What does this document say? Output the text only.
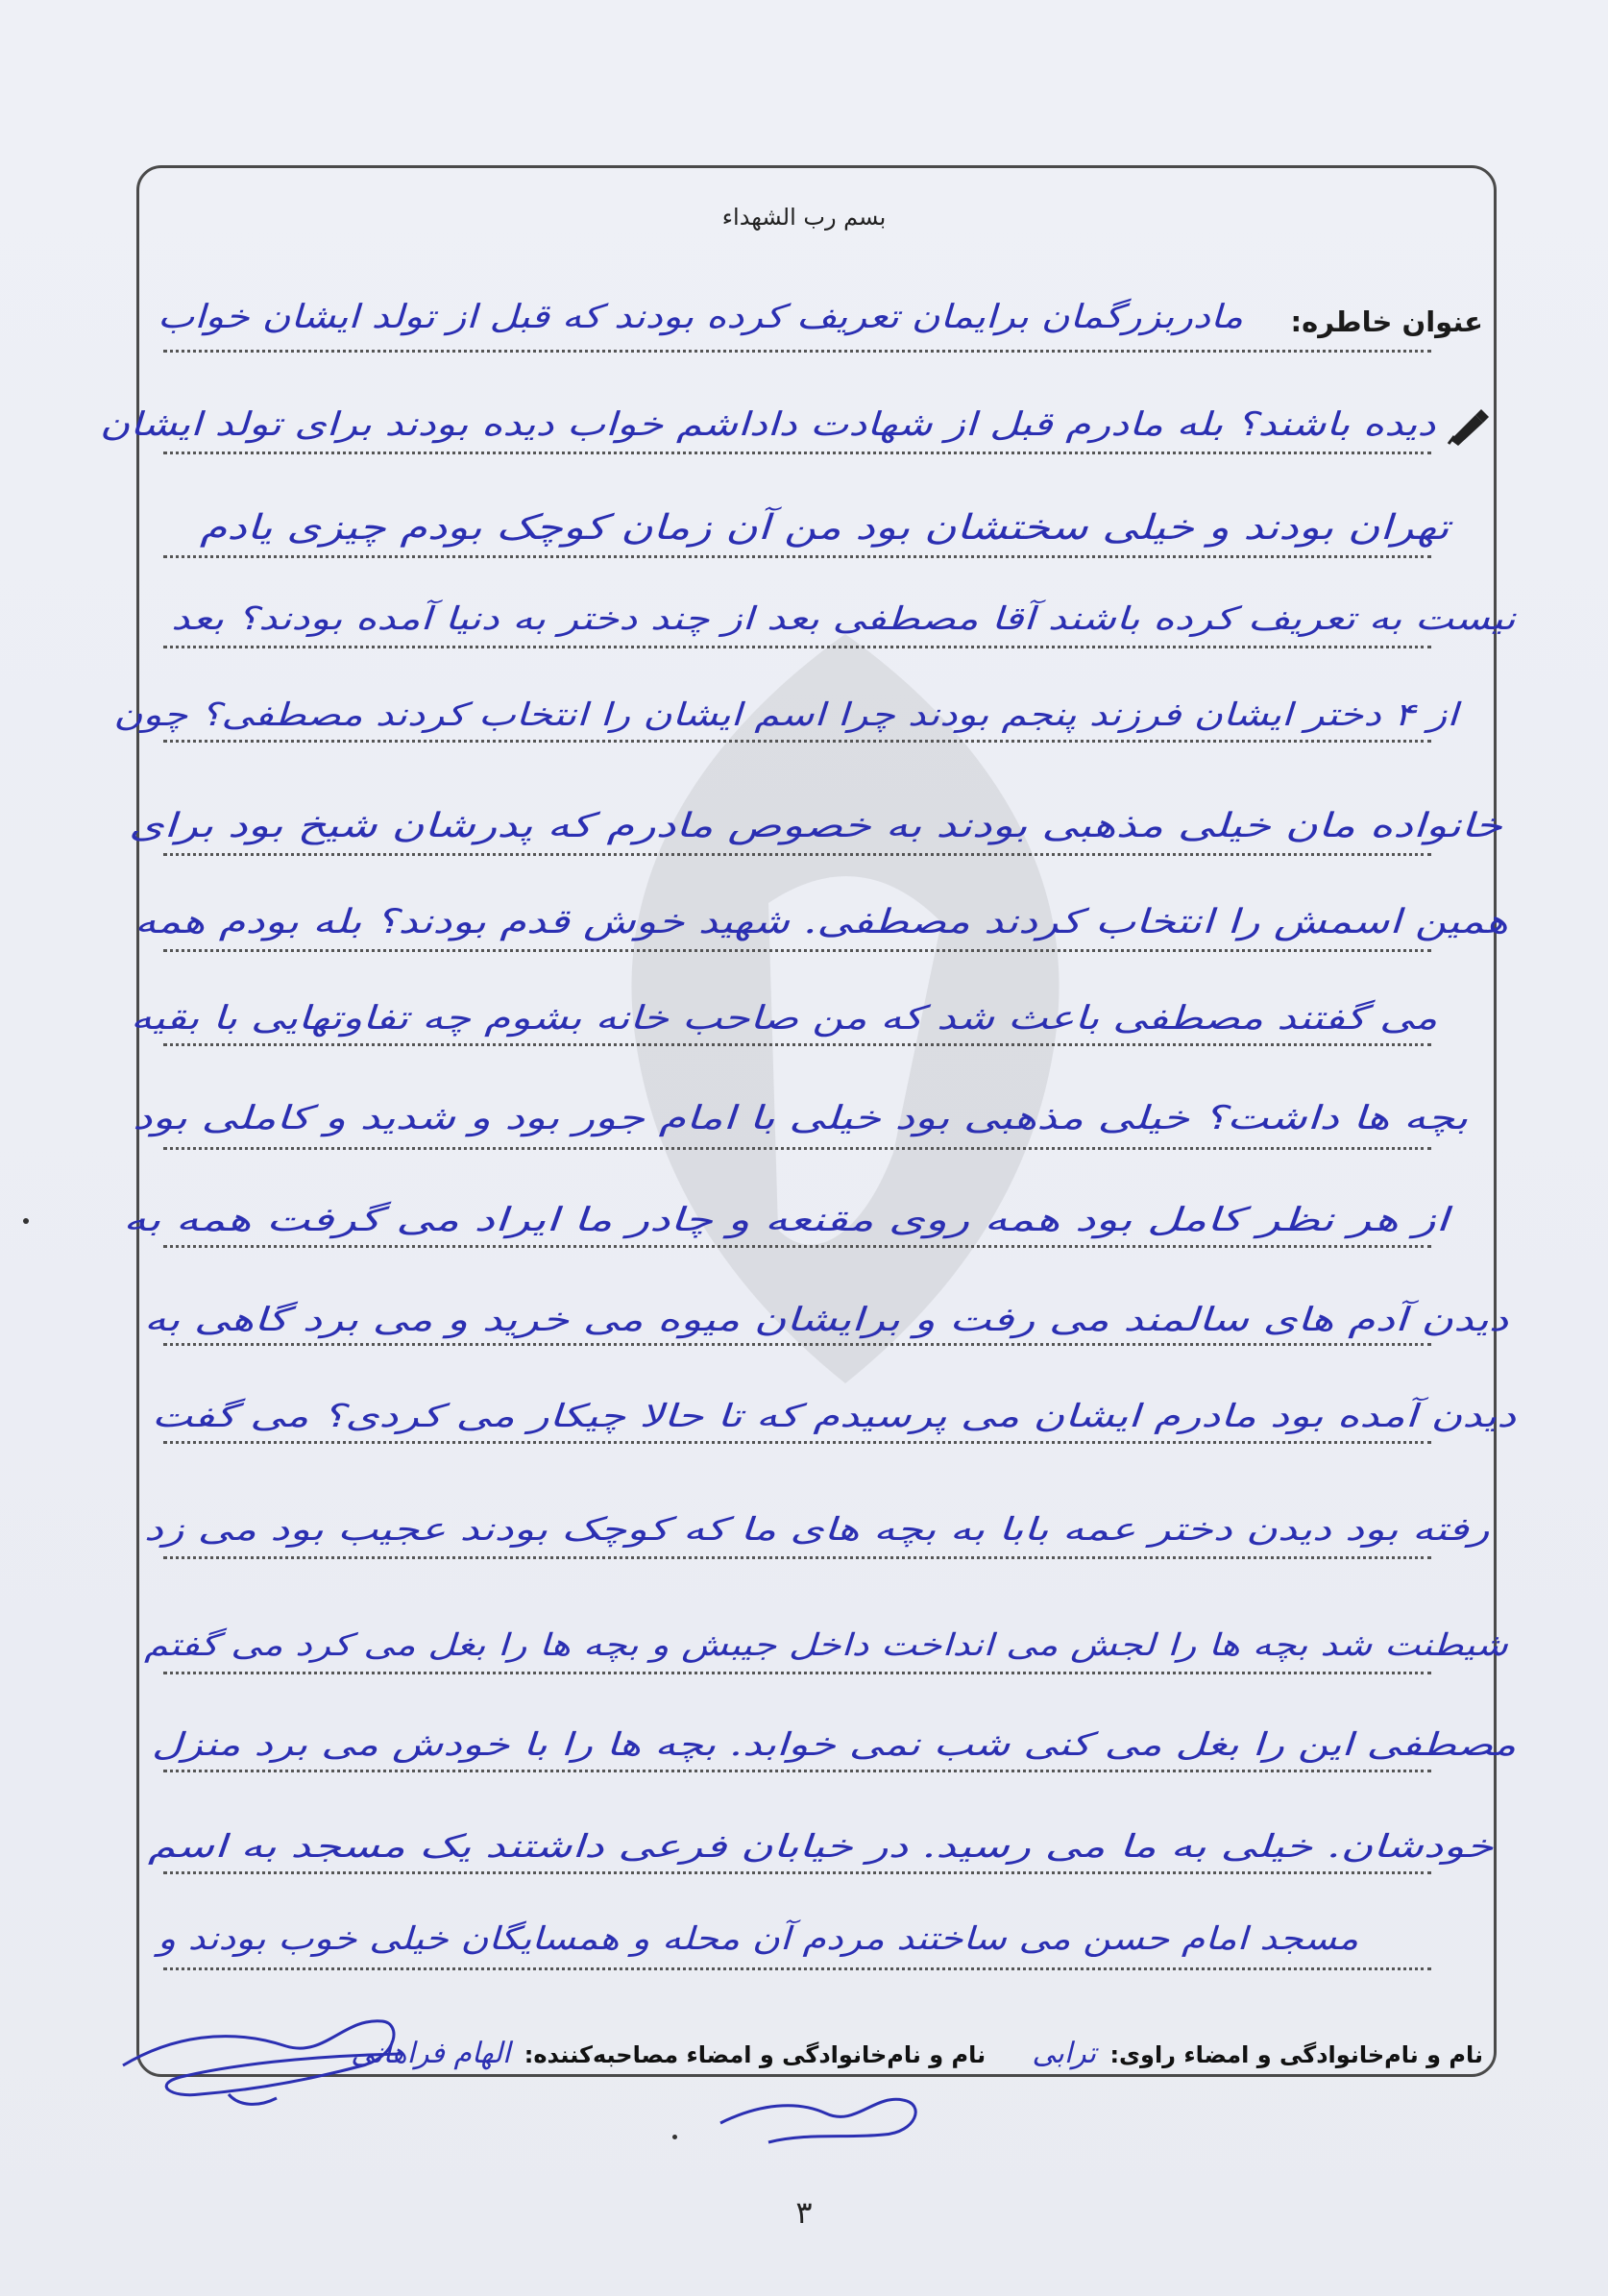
بسم رب الشهداء
عنوان خاطره:
مادربزرگمان برایمان تعریف کرده بودند که قبل از تولد ایشان خواب
دیده باشند؟ بله مادرم قبل از شهادت داداشم خواب دیده بودند برای تولد ایشان
تهران بودند و خیلی سختشان بود من آن زمان کوچک بودم چیزی یادم
نیست به تعریف کرده باشند آقا مصطفی بعد از چند دختر به دنیا آمده بودند؟ بعد
از ۴ دختر ایشان فرزند پنجم بودند چرا اسم ایشان را انتخاب کردند مصطفی؟ چون
خانواده مان خیلی مذهبی بودند به خصوص مادرم که پدرشان شیخ بود برای
همین اسمش را انتخاب کردند مصطفی. شهید خوش قدم بودند؟ بله بودم همه
می گفتند مصطفی باعث شد که من صاحب خانه بشوم چه تفاوتهایی با بقیه
بچه ها داشت؟ خیلی مذهبی بود خیلی با امام جور بود و شدید و کاملی بود
از هر نظر کامل بود همه روی مقنعه و چادر ما ایراد می گرفت همه به
دیدن آدم های سالمند می رفت و برایشان میوه می خرید و می برد گاهی به
دیدن آمده بود مادرم ایشان می پرسیدم که تا حالا چیکار می کردی؟ می گفت
رفته بود دیدن دختر عمه بابا به بچه های ما که کوچک بودند عجیب بود می زد
شیطنت شد بچه ها را لجش می انداخت داخل جیبش و بچه ها را بغل می کرد می گفتم
مصطفی این را بغل می کنی شب نمی خوابد. بچه ها را با خودش می برد منزل
خودشان. خیلی به ما می رسید. در خیابان فرعی داشتند یک مسجد به اسم
مسجد امام حسن می ساختند مردم آن محله و همسایگان خیلی خوب بودند و
نام و نام‌خانوادگی و امضاء راوی: ترابی نام و نام‌خانوادگی و امضاء مصاحبه‌کننده: الهام فراهانی
٣
